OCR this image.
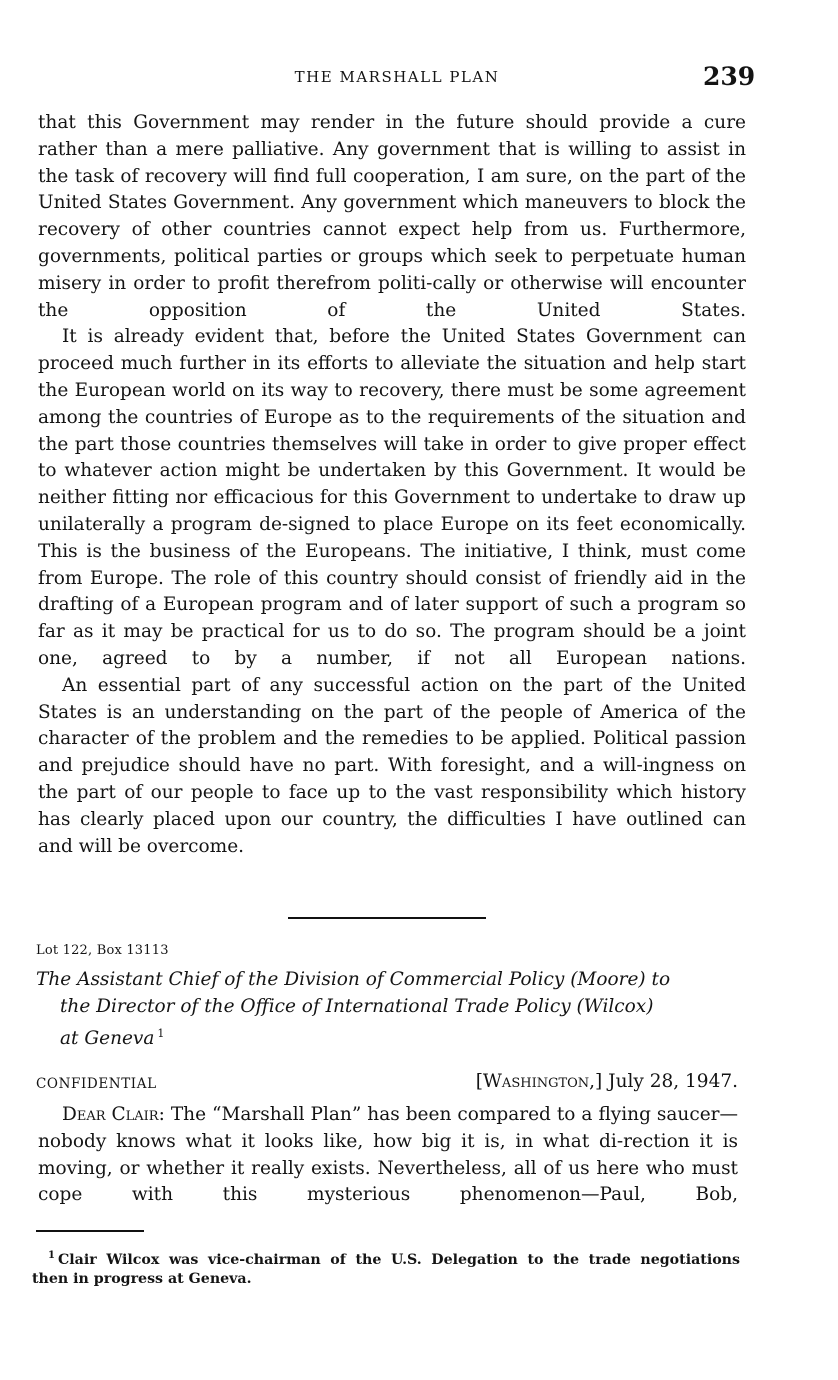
THE MARSHALL PLAN	239

that this Government may render in the future should provide a cure rather than a mere palliative. Any government that is willing to assist in the task of recovery will find full cooperation, I am sure, on the part of the United States Government. Any government which maneuvers to block the recovery of other countries cannot expect help from us. Furthermore, governments, political parties or groups which seek to perpetuate human misery in order to profit therefrom politi-cally or otherwise will encounter the opposition of the United States.

It is already evident that, before the United States Government can proceed much further in its efforts to alleviate the situation and help start the European world on its way to recovery, there must be some agreement among the countries of Europe as to the requirements of the situation and the part those countries themselves will take in order to give proper effect to whatever action might be undertaken by this Government. It would be neither fitting nor efficacious for this Government to undertake to draw up unilaterally a program de-signed to place Europe on its feet economically. This is the business of the Europeans. The initiative, I think, must come from Europe. The role of this country should consist of friendly aid in the drafting of a European program and of later support of such a program so far as it may be practical for us to do so. The program should be a joint one, agreed to by a number, if not all European nations.

An essential part of any successful action on the part of the United States is an understanding on the part of the people of America of the character of the problem and the remedies to be applied. Political passion and prejudice should have no part. With foresight, and a will-ingness on the part of our people to face up to the vast responsibility which history has clearly placed upon our country, the difficulties I have outlined can and will be overcome.

Lot 122, Box 13113
The Assistant Chief of the Division of Commercial Policy (Moore) to
the Director of the Office of International Trade Policy (Wilcox)
at Geneva $^1$
CONFIDENTIAL	[Washington,] July 28, 1947.

Dear Clair: The “Marshall Plan” has been compared to a flying saucer—nobody knows what it looks like, how big it is, in what di-rection it is moving, or whether it really exists. Nevertheless, all of us here who must cope with this mysterious phenomenon—Paul, Bob,

$^1$ Clair Wilcox was vice-chairman of the U.S. Delegation to the trade negotiations
then in progress at Geneva.
